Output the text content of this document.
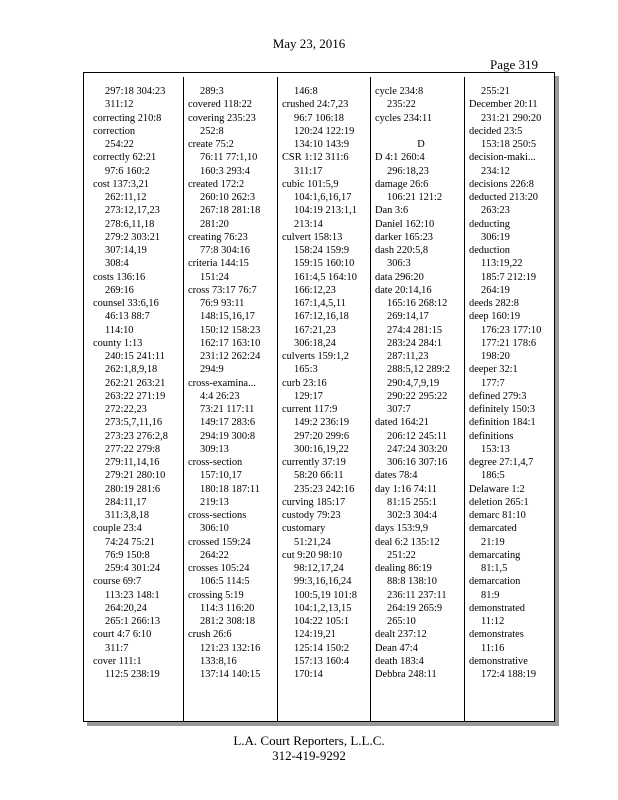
May 23, 2016
Page 319
297:18 304:23
311:12
correcting 210:8
correction
254:22
correctly 62:21
97:6 160:2
cost 137:3,21
262:11,12
273:12,17,23
278:6,11,18
279:2 303:21
307:14,19
308:4
costs 136:16
269:16
counsel 33:6,16
46:13 88:7
114:10
county 1:13
240:15 241:11
262:1,8,9,18
262:21 263:21
263:22 271:19
272:22,23
273:5,7,11,16
273:23 276:2,8
277:22 279:8
279:11,14,16
279:21 280:10
280:19 281:6
284:11,17
311:3,8,18
couple 23:4
74:24 75:21
76:9 150:8
259:4 301:24
course 69:7
113:23 148:1
264:20,24
265:1 266:13
court 4:7 6:10
311:7
cover 111:1
112:5 238:19
289:3
covered 118:22
covering 235:23
252:8
create 75:2
76:11 77:1,10
160:3 293:4
created 172:2
260:10 262:3
267:18 281:18
281:20
creating 76:23
77:8 304:16
criteria 144:15
151:24
cross 73:17 76:7
76:9 93:11
148:15,16,17
150:12 158:23
162:17 163:10
231:12 262:24
294:9
cross-examina...
4:4 26:23
73:21 117:11
149:17 283:6
294:19 300:8
309:13
cross-section
157:10,17
180:18 187:11
219:13
cross-sections
306:10
crossed 159:24
264:22
crosses 105:24
106:5 114:5
crossing 5:19
114:3 116:20
281:2 308:18
crush 26:6
121:23 132:16
133:8,16
137:14 140:15
146:8
crushed 24:7,23
96:7 106:18
120:24 122:19
134:10 143:9
CSR 1:12 311:6
311:17
cubic 101:5,9
104:1,6,16,17
104:19 213:1,1
213:14
culvert 158:13
158:24 159:9
159:15 160:10
161:4,5 164:10
166:12,23
167:1,4,5,11
167:12,16,18
167:21,23
306:18,24
culverts 159:1,2
165:3
curb 23:16
129:17
current 117:9
149:2 236:19
297:20 299:6
300:16,19,22
currently 37:19
58:20 66:11
235:23 242:16
curving 185:17
custody 79:23
customary
51:21,24
cut 9:20 98:10
98:12,17,24
99:3,16,16,24
100:5,19 101:8
104:1,2,13,15
104:22 105:1
124:19,21
125:14 150:2
157:13 160:4
170:14
cycle 234:8
235:22
cycles 234:11
D
D 4:1 260:4
296:18,23
damage 26:6
106:21 121:2
Dan 3:6
Daniel 162:10
darker 165:23
dash 220:5,8
306:3
data 296:20
date 20:14,16
165:16 268:12
269:14,17
274:4 281:15
283:24 284:1
287:11,23
288:5,12 289:2
290:4,7,9,19
290:22 295:22
307:7
dated 164:21
206:12 245:11
247:24 303:20
306:16 307:16
dates 78:4
day 1:16 74:11
81:15 255:1
302:3 304:4
days 153:9,9
deal 6:2 135:12
251:22
dealing 86:19
88:8 138:10
236:11 237:11
264:19 265:9
265:10
dealt 237:12
Dean 47:4
death 183:4
Debbra 248:11
255:21
December 20:11
231:21 290:20
decided 23:5
153:18 250:5
decision-maki...
234:12
decisions 226:8
deducted 213:20
263:23
deducting
306:19
deduction
113:19,22
185:7 212:19
264:19
deeds 282:8
deep 160:19
176:23 177:10
177:21 178:6
198:20
deeper 32:1
177:7
defined 279:3
definitely 150:3
definition 184:1
definitions
153:13
degree 27:1,4,7
186:5
Delaware 1:2
deletion 265:1
demarc 81:10
demarcated
21:19
demarcating
81:1,5
demarcation
81:9
demonstrated
11:12
demonstrates
11:16
demonstrative
172:4 188:19
L.A. Court Reporters, L.L.C.
312-419-9292
